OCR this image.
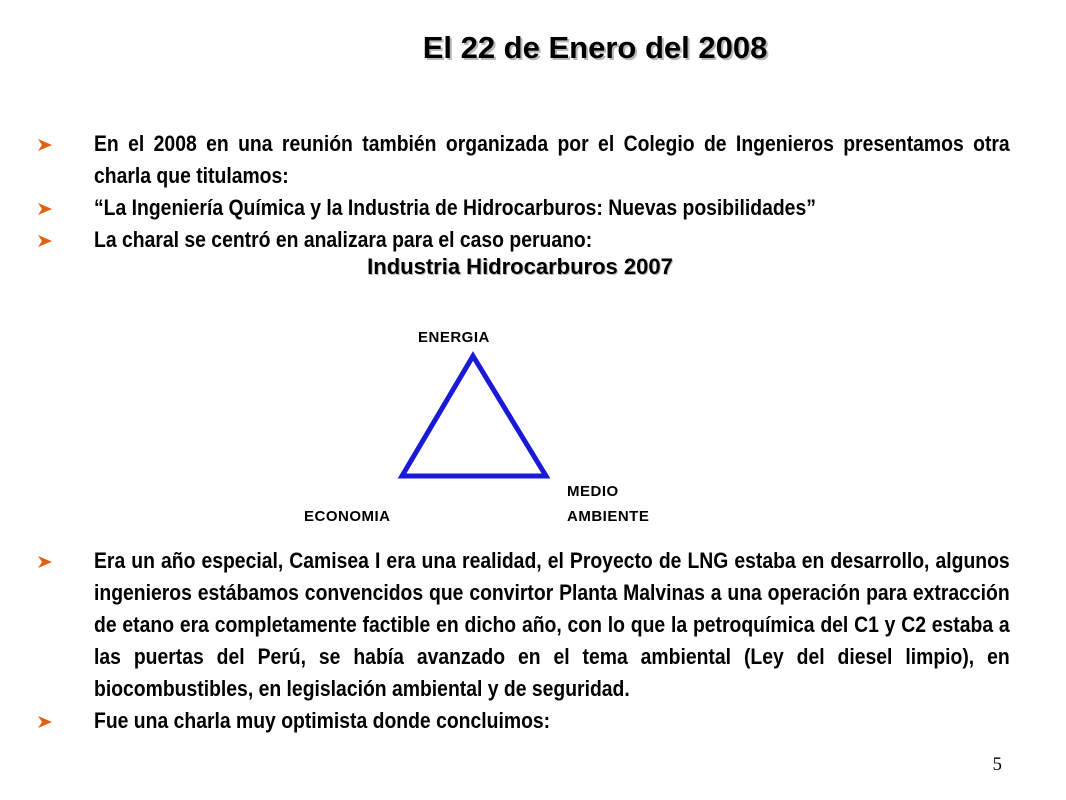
El 22 de Enero del 2008
En el 2008 en una reunión también organizada por el Colegio de Ingenieros presentamos otra charla que titulamos:
“La Ingeniería Química y la Industria de Hidrocarburos: Nuevas posibilidades”
La charal se centró en analizara para el caso peruano:
Industria Hidrocarburos 2007
ENERGIA
ECONOMIA
MEDIO
AMBIENTE
Era un año especial, Camisea I era una realidad, el Proyecto de LNG estaba en desarrollo, algunos ingenieros estábamos convencidos que convirtor Planta Malvinas a una operación para extracción de etano era completamente factible en dicho año, con lo que la petroquímica del C1 y C2 estaba a las puertas del Perú, se había avanzado en el tema ambiental (Ley del diesel limpio), en biocombustibles, en legislación ambiental y de seguridad.
Fue una charla muy optimista donde concluimos:
5
